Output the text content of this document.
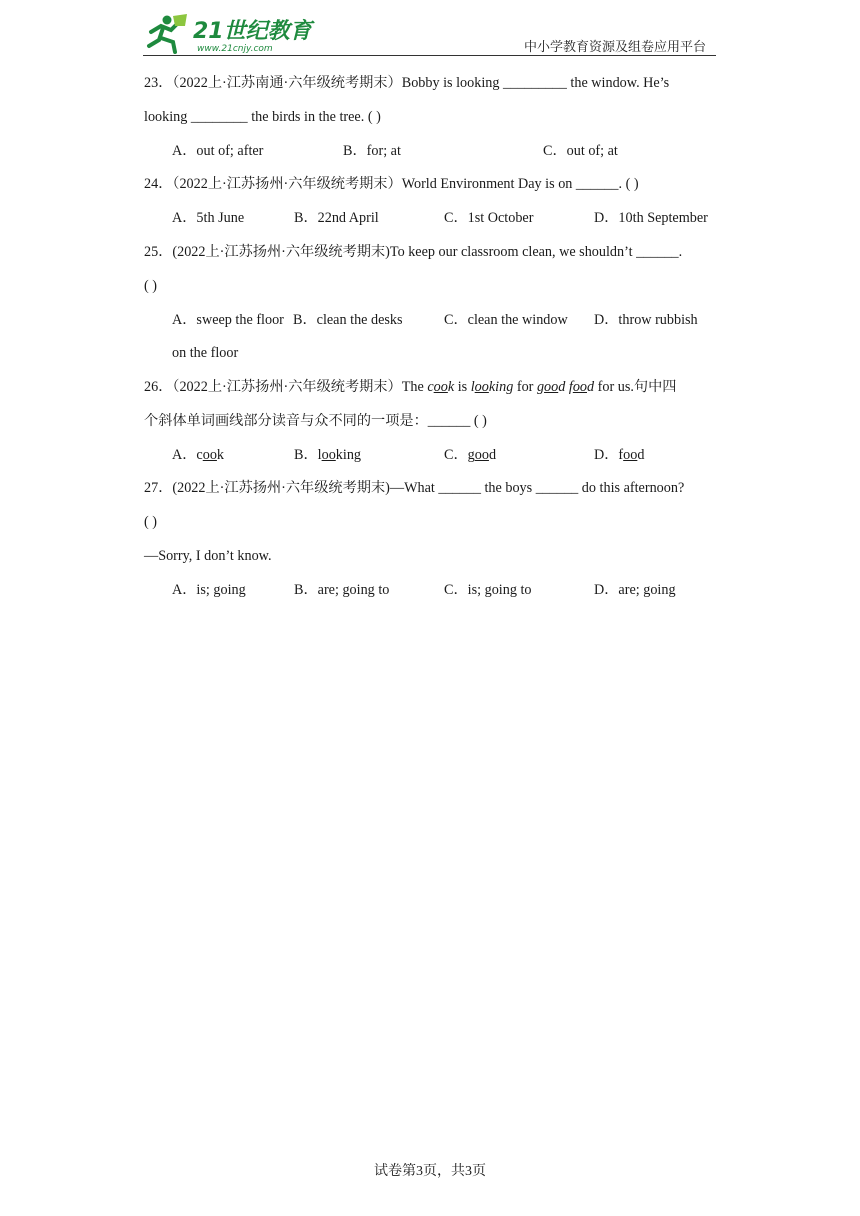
21世纪教育
www.21cnjy.com	中小学教育资源及组卷应用平台
23．（2022上·江苏南通·六年级统考期末）Bobby is looking _________ the window. He’s
looking ________ the birds in the tree. ( )
A．out of; after	B．for; at	C．out of; at
24．（2022上·江苏扬州·六年级统考期末）World Environment Day is on ______. ( )
A．5th June	B．22nd April	C．1st October	D．10th September
25．(2022上·江苏扬州·六年级统考期末)To keep our classroom clean, we shouldn’t ______.
( )
A．sweep the floor B．clean the desks	C．clean the window D．throw rubbish
on the floor
26．（2022上·江苏扬州·六年级统考期末）The cook is looking for good food for us.句中四
个斜体单词画线部分读音与众不同的一项是：______ ( )
A．cook	B．looking	C．good	D．food
27．(2022上·江苏扬州·六年级统考期末)—What ______ the boys ______ do this afternoon?
( )
—Sorry, I don’t know.
A．is; going	B．are; going to	C．is; going to	D．are; going
试卷第3页，共3页
